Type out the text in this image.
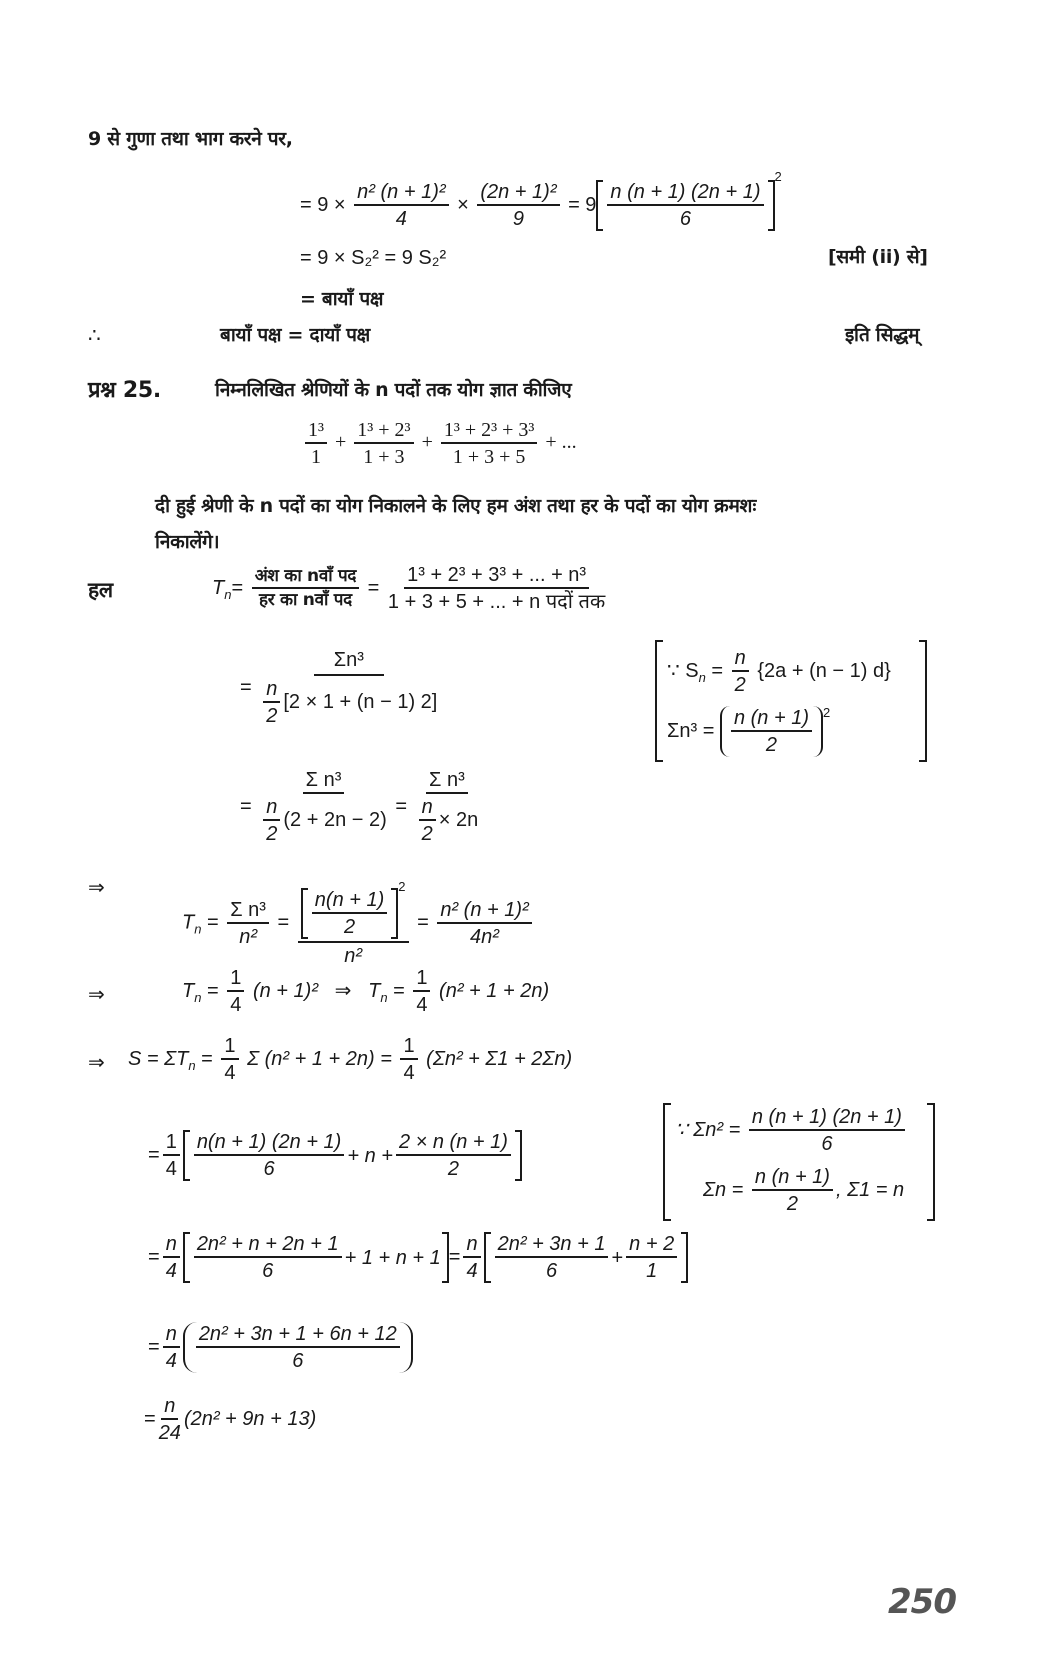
9 से गुणा तथा भाग करने पर,
= $9 \times \frac{\text{n² (n + 1)²}}{4} \times \frac{\text{(2n + 1)²}}{9} = 9$
n (n + 1) (2n + 1)
6
$^2$
= 9 × S₂² = 9 S₂²	[समी (ii) से]
= बायाँ पक्ष
∴	बायाँ पक्ष = दायाँ पक्ष	इति सिद्धम्
प्रश्न 25.	निम्नलिखित श्रेणियों के n पदों तक योग ज्ञात कीजिए
$\frac{\text{1³}}{1} + \frac{\text{1³ + 2³}}{1 + 3} + \frac{\text{1³ + 2³ + 3³}}{1 + 3 + 5}$ + ...
दी हुई श्रेणी के n पदों का योग निकालने के लिए हम अंश तथा हर के पदों का योग क्रमशः
निकालेंगे।
हल	$T_n=$
अंश का nवाँ पद
हर का nवाँ पद
=
1³ + 2³ + 3³ + ... + n³
1 + 3 + 5 + ... + n पदों तक
= $\frac{\text{Σn³}}{\frac{n}{2} [2 \times 1 + (n - 1) 2]}$	∵ $S_n = \frac{n}{2} \{2a + (n - 1)$ d}
Σn³ =
n (n + 1)
2
$^2$
= $\frac{\text{Σ n³}}{\frac{n}{2} (2 + 2n - 2)} = \frac{\text{Σ n³}}{\frac{n}{2} \times 2n}$
⇒
$T_n = \frac{\text{Σ n³}}{\text{n²}} = n(n + 1)$
2
$^2$
$n^2 = \frac{\text{n² (n + 1)²}}{\text{4n²}}$
⇒	$T_n = \frac{1}{4} (n + 1)^2$ ⇒ $T_n = \frac{1}{4} (n^2 + 1 + 2n)$
⇒ $S = \Sigma T_n = \frac{1}{4}$ Σ $(n^2 + 1 + 2n) = \frac{1}{4} (\Sigma n^2 + \Sigma 1 + 2\Sigma n)$
= $\frac{1}{4} n(n + 1) (2n + 1)$
6
+ $n + \frac{2 \times n (n + 1)}{2}$
∵ $\Sigma n^2 = \frac{n (n + 1) (2n + 1)}{6}$
$\Sigma n = \frac{n (n + 1)}{2}$ , Σ1 = n
= $\frac{n}{4} 2n^2 + n + 2n + 1$
6
+ $1 + n + 1 = \frac{n}{4} 2n^2 + 3n + 1$
6
+ $\frac{n + 2}{1}$
= $\frac{n}{4} 2n^2 + 3n + 1 + 6n + 12$
6
= $\frac{n}{24} (2n^2 + 9n + 13)$
250
